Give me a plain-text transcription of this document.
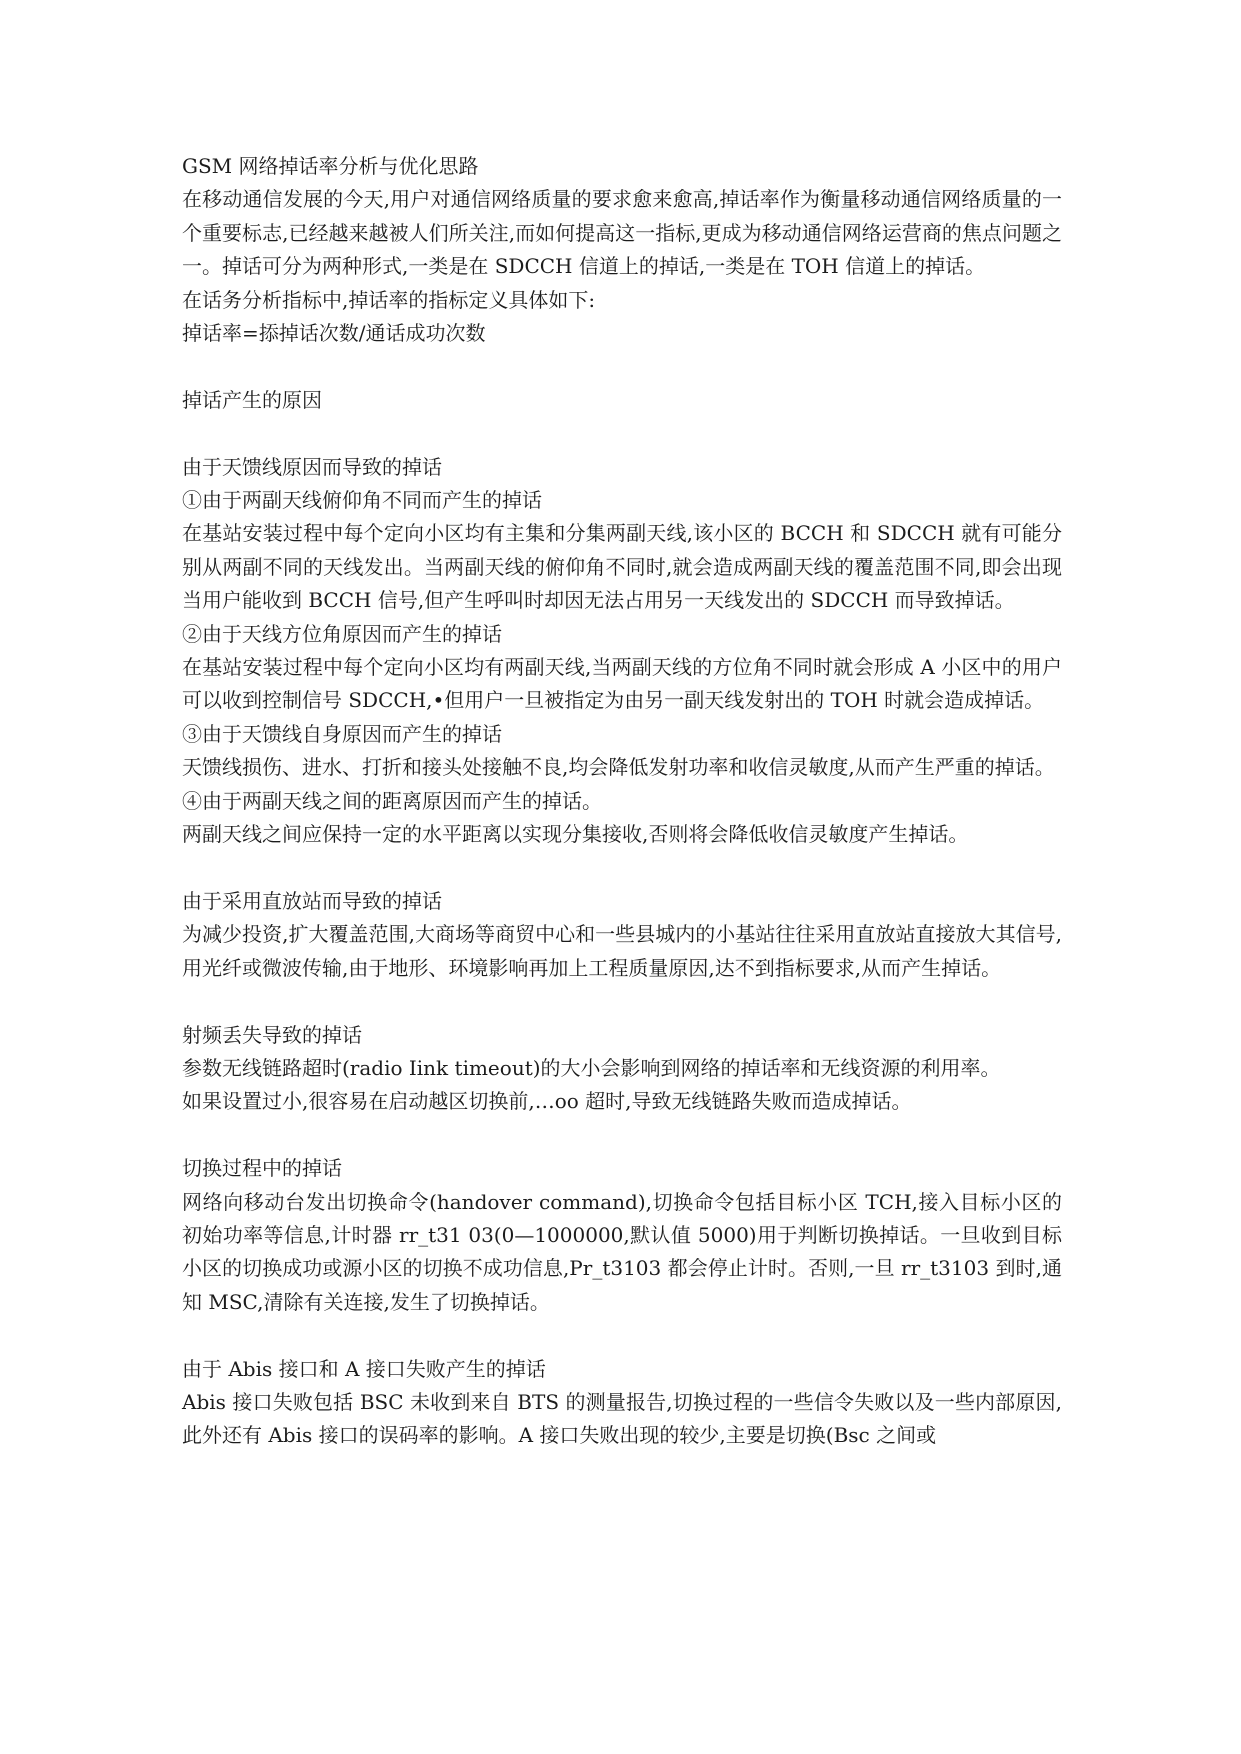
GSM 网络掉话率分析与优化思路

在移动通信发展的今天,用户对通信网络质量的要求愈来愈高,掉话率作为衡量移动通信网络质量的一个重要标志,已经越来越被人们所关注,而如何提高这一指标,更成为移动通信网络运营商的焦点问题之一。掉话可分为两种形式,一类是在 SDCCH 信道上的掉话,一类是在 TOH 信道上的掉话。

在话务分析指标中,掉话率的指标定义具体如下:

掉话率=掭掉话次数/通话成功次数

掉话产生的原因

由于天馈线原因而导致的掉话

①由于两副天线俯仰角不同而产生的掉话

在基站安装过程中每个定向小区均有主集和分集两副天线,该小区的 BCCH 和 SDCCH 就有可能分别从两副不同的天线发出。当两副天线的俯仰角不同时,就会造成两副天线的覆盖范围不同,即会出现当用户能收到 BCCH 信号,但产生呼叫时却因无法占用另一天线发出的 SDCCH 而导致掉话。

②由于天线方位角原因而产生的掉话

在基站安装过程中每个定向小区均有两副天线,当两副天线的方位角不同时就会形成 A 小区中的用户可以收到控制信号 SDCCH,•但用户一旦被指定为由另一副天线发射出的 TOH 时就会造成掉话。

③由于天馈线自身原因而产生的掉话

天馈线损伤、进水、打折和接头处接触不良,均会降低发射功率和收信灵敏度,从而产生严重的掉话。

④由于两副天线之间的距离原因而产生的掉话。

两副天线之间应保持一定的水平距离以实现分集接收,否则将会降低收信灵敏度产生掉话。

由于采用直放站而导致的掉话

为减少投资,扩大覆盖范围,大商场等商贸中心和一些县城内的小基站往往采用直放站直接放大其信号,用光纤或微波传输,由于地形、环境影响再加上工程质量原因,达不到指标要求,从而产生掉话。

射频丢失导致的掉话

参数无线链路超时(radio Iink timeout)的大小会影响到网络的掉话率和无线资源的利用率。

如果设置过小,很容易在启动越区切换前,…oo 超时,导致无线链路失败而造成掉话。

切换过程中的掉话

网络向移动台发出切换命令(handover command),切换命令包括目标小区 TCH,接入目标小区的初始功率等信息,计时器 rr_t31 03(0—1000000,默认值 5000)用于判断切换掉话。一旦收到目标小区的切换成功或源小区的切换不成功信息,Pr_t3103 都会停止计时。否则,一旦 rr_t3103 到时,通知 MSC,清除有关连接,发生了切换掉话。

由于 Abis 接口和 A 接口失败产生的掉话

Abis 接口失败包括 BSC 未收到来自 BTS 的测量报告,切换过程的一些信令失败以及一些内部原因,此外还有 Abis 接口的误码率的影响。A 接口失败出现的较少,主要是切换(Bsc 之间或
